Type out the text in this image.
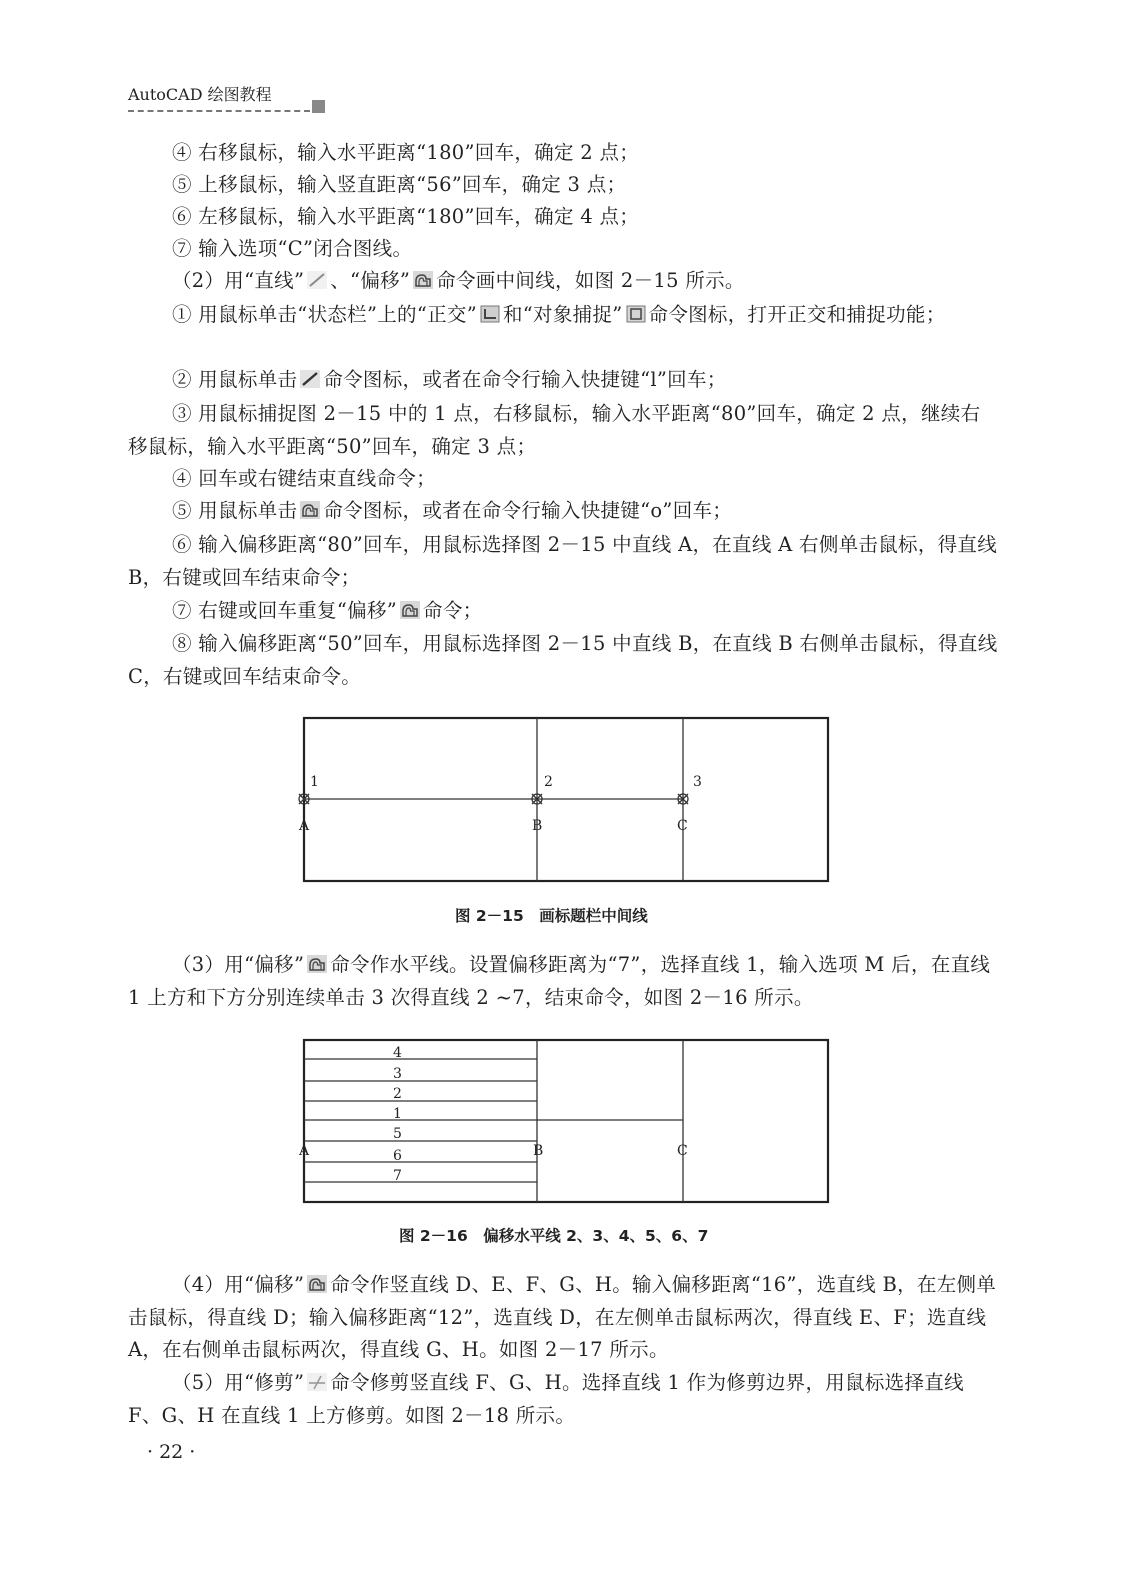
AutoCAD 绘图教程
④ 右移鼠标，输入水平距离“180”回车，确定 2 点；
⑤ 上移鼠标，输入竖直距离“56”回车，确定 3 点；
⑥ 左移鼠标，输入水平距离“180”回车，确定 4 点；
⑦ 输入选项“C”闭合图线。
（2）用“直线” 、“偏移” 命令画中间线，如图 2－15 所示。
① 用鼠标单击“状态栏”上的“正交” 和“对象捕捉” 命令图标，打开正交和捕捉功能；
② 用鼠标单击 命令图标，或者在命令行输入快捷键“l”回车；
③ 用鼠标捕捉图 2－15 中的 1 点，右移鼠标，输入水平距离“80”回车，确定 2 点，继续右移鼠标，输入水平距离“50”回车，确定 3 点；
④ 回车或右键结束直线命令；
⑤ 用鼠标单击 命令图标，或者在命令行输入快捷键“o”回车；
⑥ 输入偏移距离“80”回车，用鼠标选择图 2－15 中直线 A，在直线 A 右侧单击鼠标，得直线 B，右键或回车结束命令；
⑦ 右键或回车重复“偏移” 命令；
⑧ 输入偏移距离“50”回车，用鼠标选择图 2－15 中直线 B，在直线 B 右侧单击鼠标，得直线 C，右键或回车结束命令。
1	2	3
A	B	C
图 2－15　画标题栏中间线
（3）用“偏移” 命令作水平线。设置偏移距离为“7”，选择直线 1，输入选项 M 后，在直线 1 上方和下方分别连续单击 3 次得直线 2 ~7，结束命令，如图 2－16 所示。
4
3
2
1
5
6
7
A	B	C
图 2－16　偏移水平线 2、3、4、5、6、7
（4）用“偏移” 命令作竖直线 D、E、F、G、H。输入偏移距离“16”，选直线 B，在左侧单击鼠标，得直线 D；输入偏移距离“12”，选直线 D，在左侧单击鼠标两次，得直线 E、F；选直线 A，在右侧单击鼠标两次，得直线 G、H。如图 2－17 所示。
（5）用“修剪” 命令修剪竖直线 F、G、H。选择直线 1 作为修剪边界，用鼠标选择直线 F、G、H 在直线 1 上方修剪。如图 2－18 所示。
· 22 ·
